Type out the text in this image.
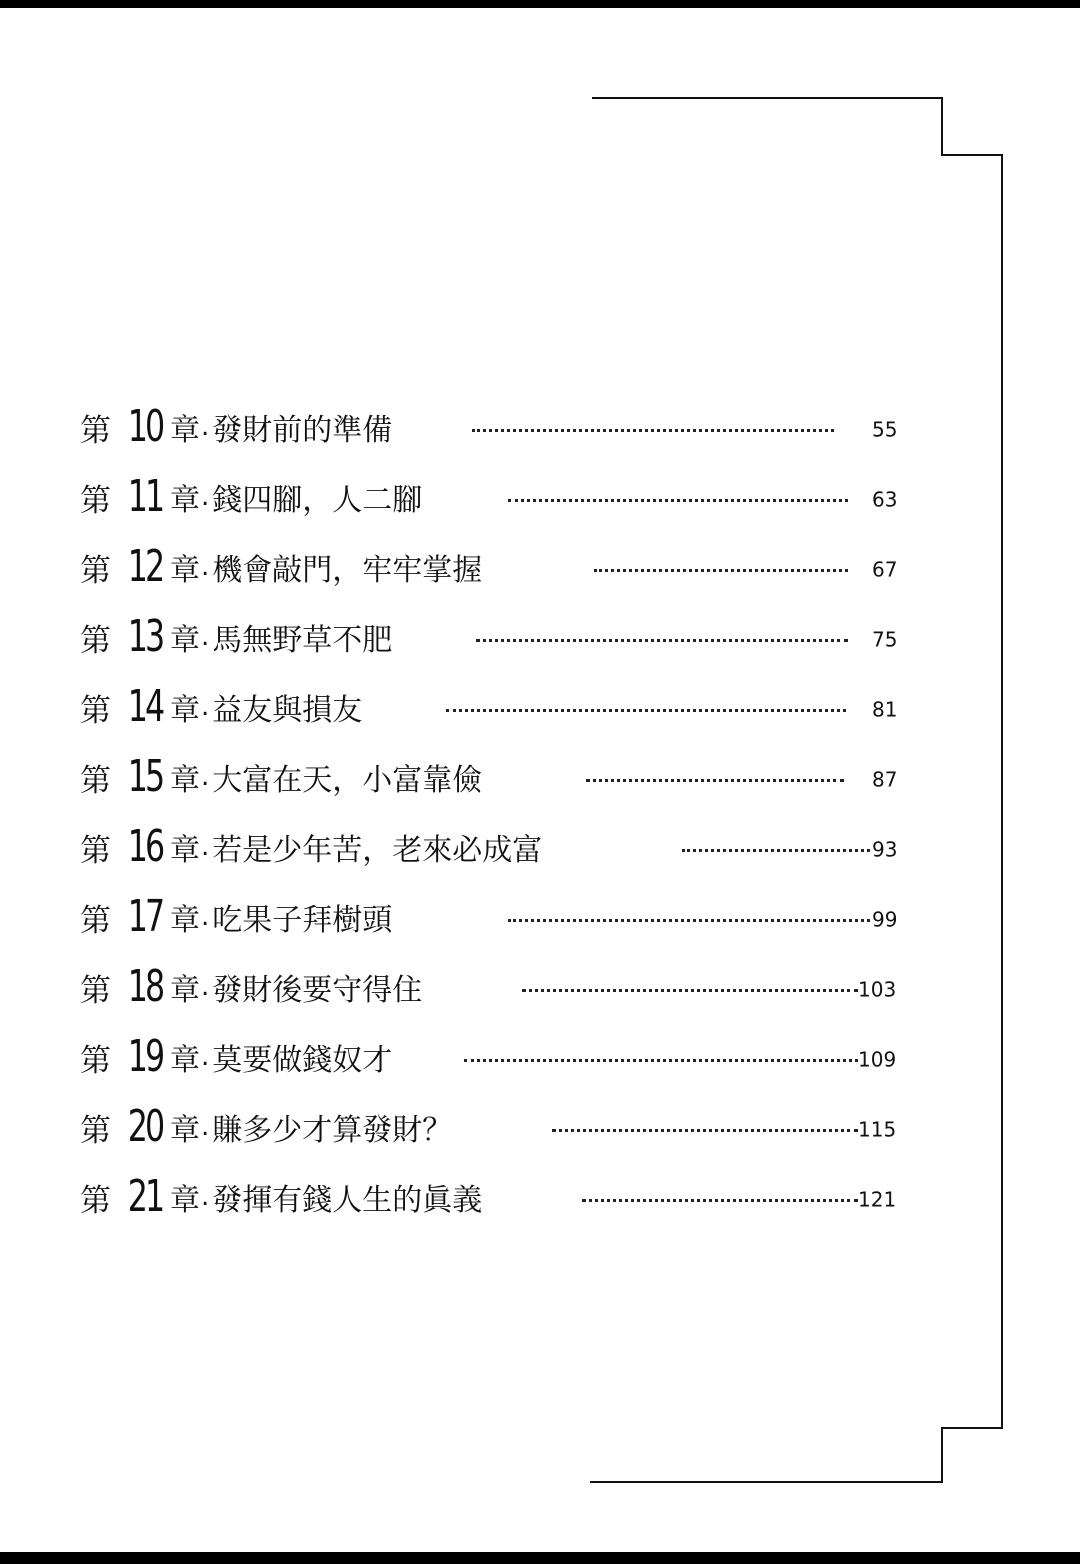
第 10 章 . 發財前的準備	55
第 11 章 . 錢四腳，人二腳	63
第 12 章 . 機會敲門，牢牢掌握	67
第 13 章 . 馬無野草不肥	75
第 14 章 . 益友與損友	81
第 15 章 . 大富在天，小富靠儉	87
第 16 章 . 若是少年苦，老來必成富	93
第 17 章 . 吃果子拜樹頭	99
第 18 章 . 發財後要守得住	103
第 19 章 . 莫要做錢奴才	109
第 20 章 . 賺多少才算發財？	115
第 21 章 . 發揮有錢人生的眞義	121
